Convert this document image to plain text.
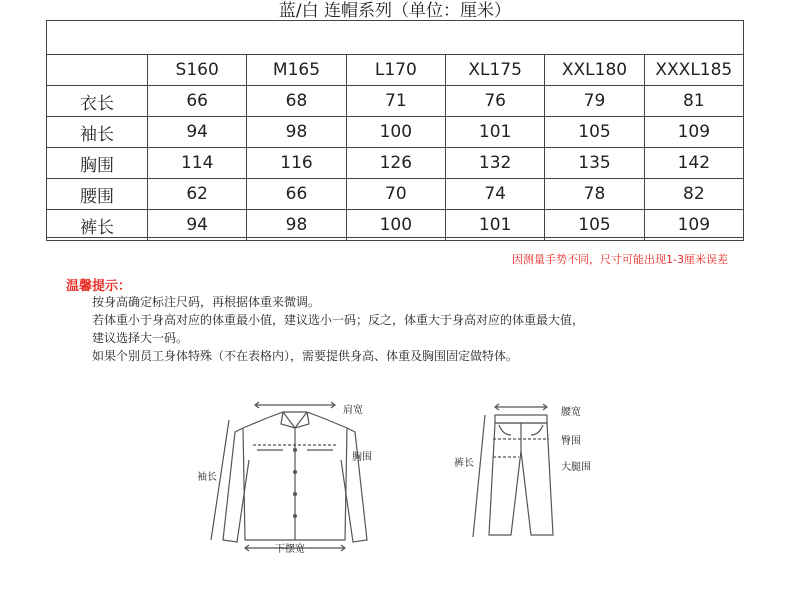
蓝/白 连帽系列（单位：厘米）
	S160	M165	L170	XL175	XXL180	XXXL185
衣长	66	68	71	76	79	81
袖长	94	98	100	101	105	109
胸围	114	116	126	132	135	142
腰围	62	66	70	74	78	82
裤长	94	98	100	101	105	109
因测量手势不同，尺寸可能出现1-3厘米误差
温馨提示：
按身高确定标注尺码，再根据体重来微调。
若体重小于身高对应的体重最小值，建议选小一码；反之，体重大于身高对应的体重最大值，
建议选择大一码。
如果个别员工身体特殊（不在表格内），需要提供身高、体重及胸围固定做特体。
肩宽
胸围
袖长
下摆宽
腰宽
臀围
大腿围
裤长
